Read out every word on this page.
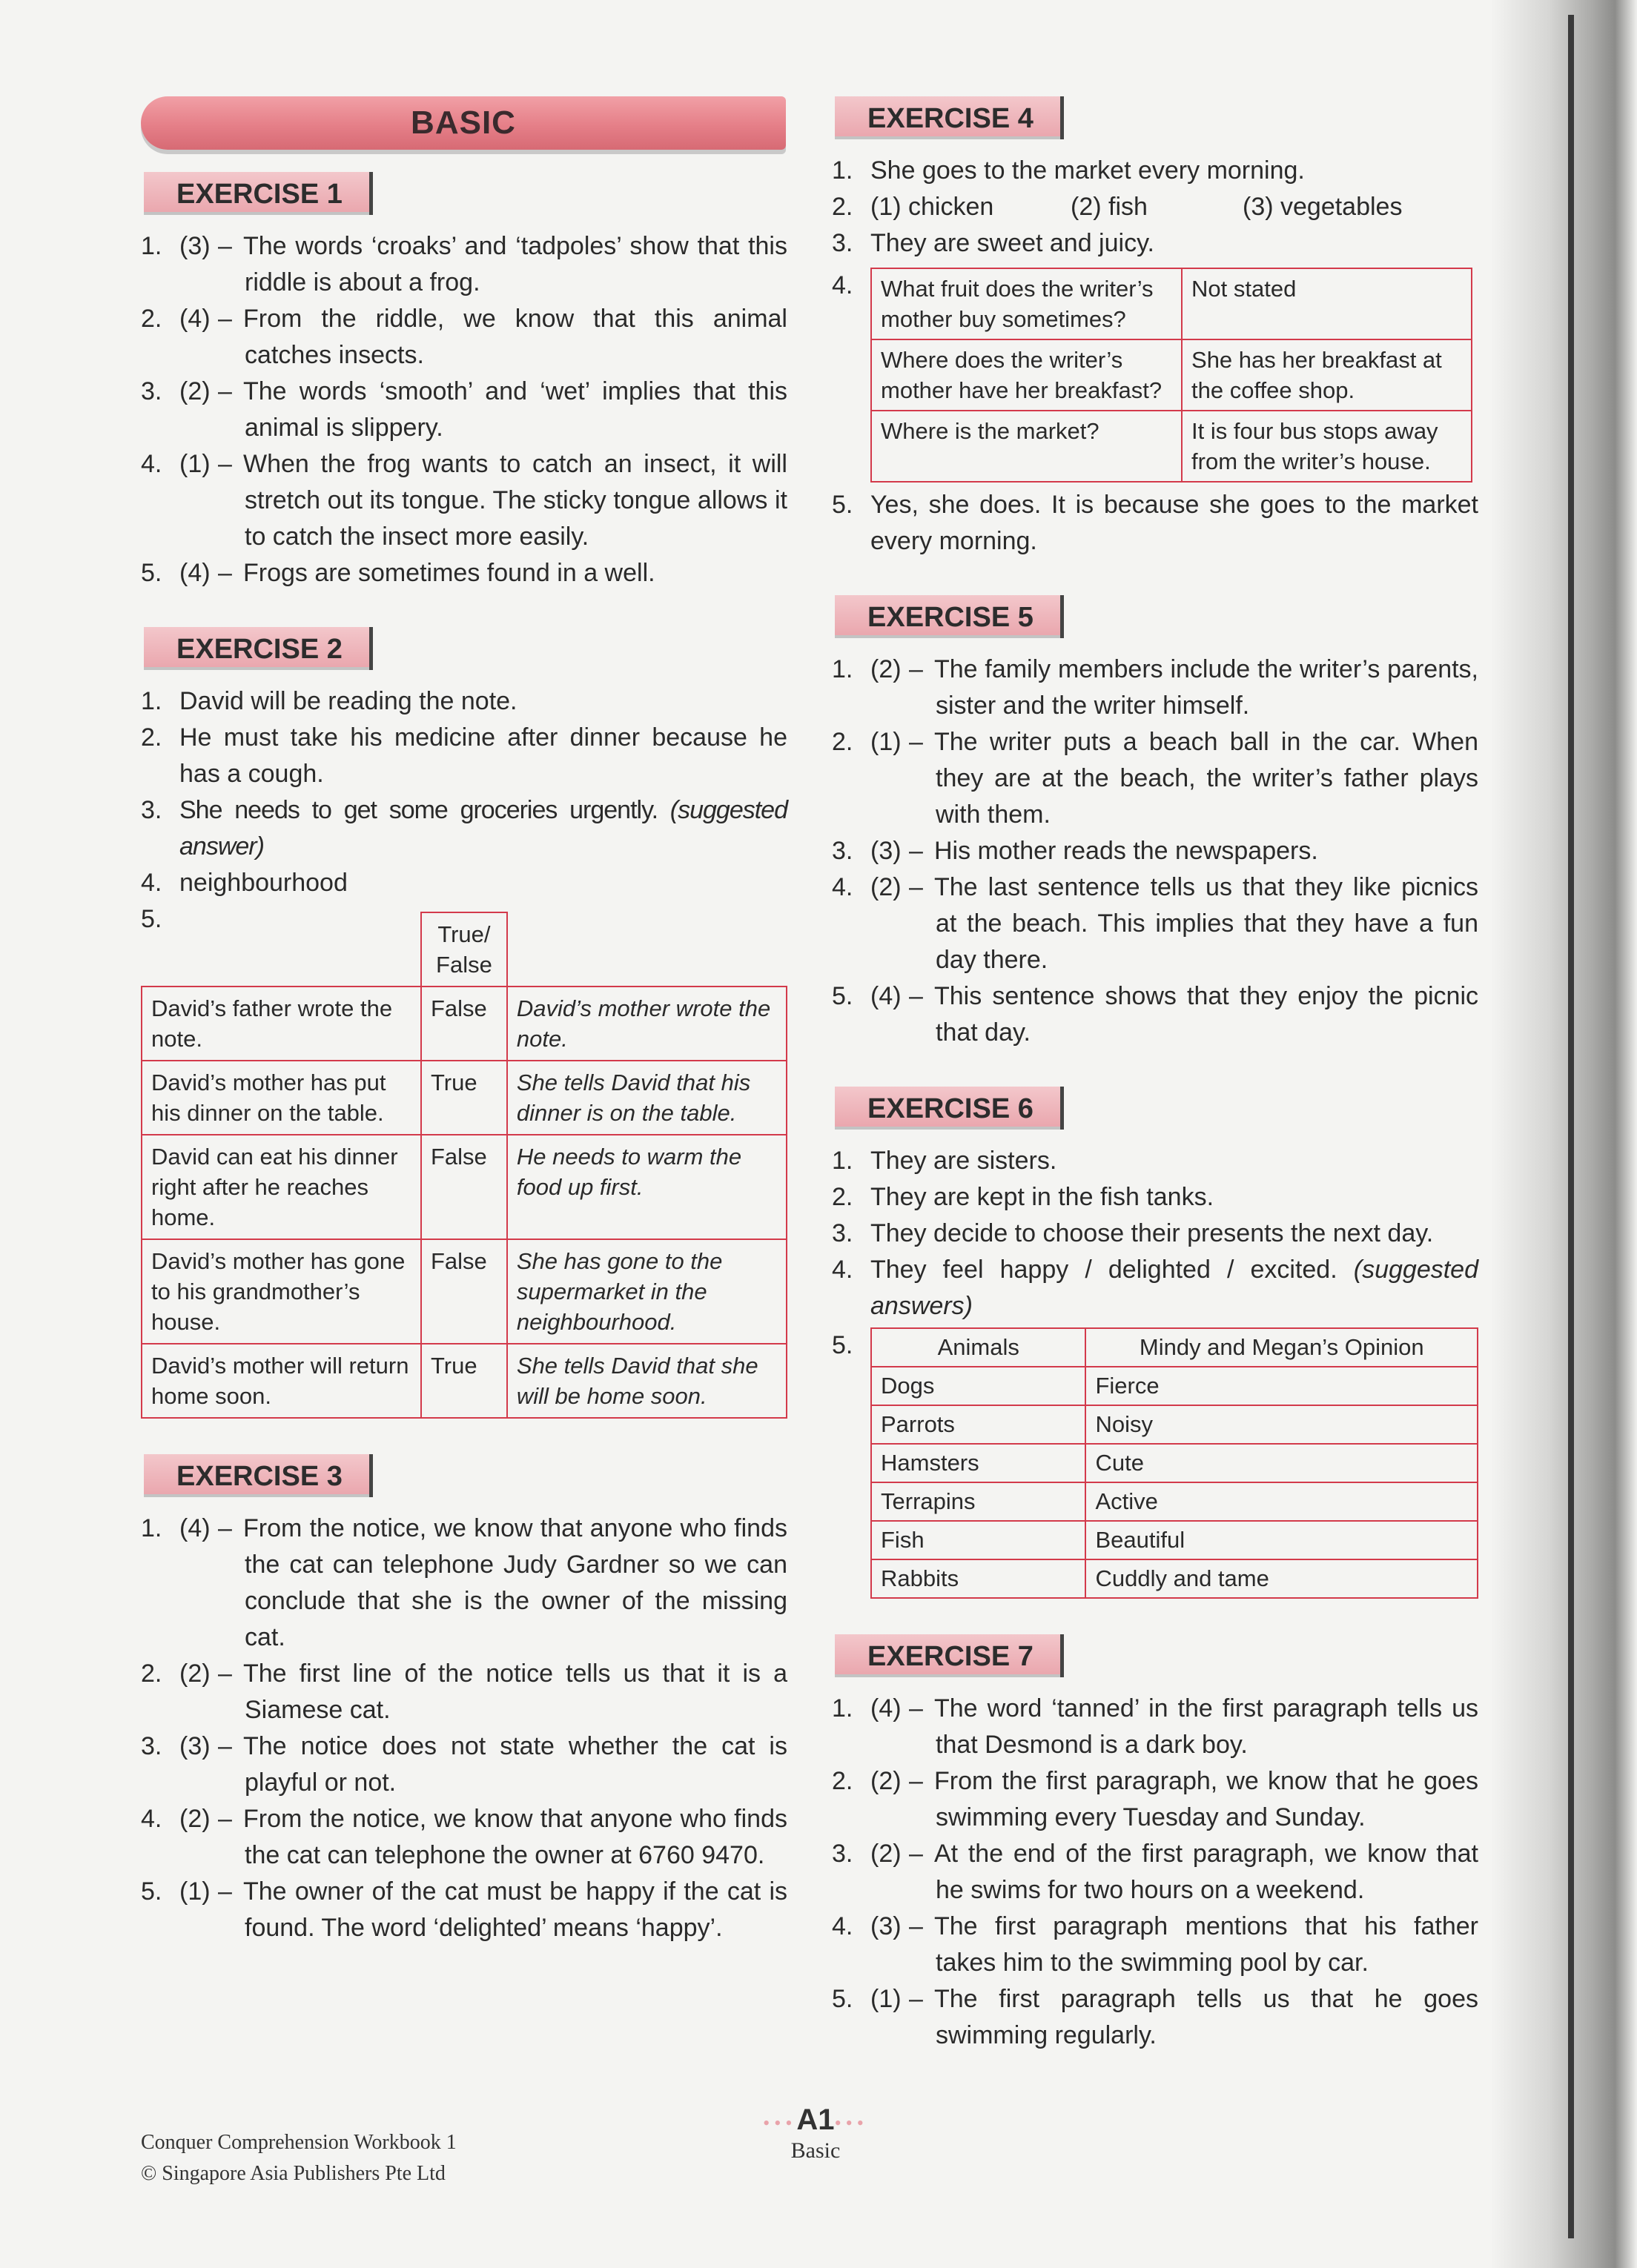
BASIC
EXERCISE 1
1. (3) – The words ‘croaks’ and ‘tadpoles’ show that this riddle is about a frog.
2. (4) – From the riddle, we know that this animal catches insects.
3. (2) – The words ‘smooth’ and ‘wet’ implies that this animal is slippery.
4. (1) – When the frog wants to catch an insect, it will stretch out its tongue. The sticky tongue allows it to catch the insect more easily.
5. (4) – Frogs are sometimes found in a well.
EXERCISE 2
1. David will be reading the note.
2. He must take his medicine after dinner because he has a cough.
3. She needs to get some groceries urgently. (suggested answer)
4. neighbourhood
5.
	True/ False	
David’s father wrote the note.	False	David’s mother wrote the note.
David’s mother has put his dinner on the table.	True	She tells David that his dinner is on the table.
David can eat his dinner right after he reaches home.	False	He needs to warm the food up first.
David’s mother has gone to his grandmother’s house.	False	She has gone to the supermarket in the neighbourhood.
David’s mother will return home soon.	True	She tells David that she will be home soon.
EXERCISE 3
1. (4) – From the notice, we know that anyone who finds the cat can telephone Judy Gardner so we can conclude that she is the owner of the missing cat.
2. (2) – The first line of the notice tells us that it is a Siamese cat.
3. (3) – The notice does not state whether the cat is playful or not.
4. (2) – From the notice, we know that anyone who finds the cat can telephone the owner at 6760 9470.
5. (1) – The owner of the cat must be happy if the cat is found. The word ‘delighted’ means ‘happy’.
EXERCISE 4
1. She goes to the market every morning.
2. (1) chicken	(2) fish	(3) vegetables
3. They are sweet and juicy.
4.	What fruit does the writer’s mother buy sometimes?	Not stated
Where does the writer’s mother have her breakfast?	She has her breakfast at the coffee shop.
Where is the market?	It is four bus stops away from the writer’s house.
5. Yes, she does. It is because she goes to the market every morning.
EXERCISE 5
1. (2) – The family members include the writer’s parents, sister and the writer himself.
2. (1) – The writer puts a beach ball in the car. When they are at the beach, the writer’s father plays with them.
3. (3) – His mother reads the newspapers.
4. (2) – The last sentence tells us that they like picnics at the beach. This implies that they have a fun day there.
5. (4) – This sentence shows that they enjoy the picnic that day.
EXERCISE 6
1. They are sisters.
2. They are kept in the fish tanks.
3. They decide to choose their presents the next day.
4. They feel happy / delighted / excited. (suggested answers)
5.	Animals	Mindy and Megan’s Opinion
Dogs	Fierce
Parrots	Noisy
Hamsters	Cute
Terrapins	Active
Fish	Beautiful
Rabbits	Cuddly and tame
EXERCISE 7
1. (4) – The word ‘tanned’ in the first paragraph tells us that Desmond is a dark boy.
2. (2) – From the first paragraph, we know that he goes swimming every Tuesday and Sunday.
3. (2) – At the end of the first paragraph, we know that he swims for two hours on a weekend.
4. (3) – The first paragraph mentions that his father takes him to the swimming pool by car.
5. (1) – The first paragraph tells us that he goes swimming regularly.
Conquer Comprehension Workbook 1
© Singapore Asia Publishers Pte Ltd
•••A1•••
Basic
